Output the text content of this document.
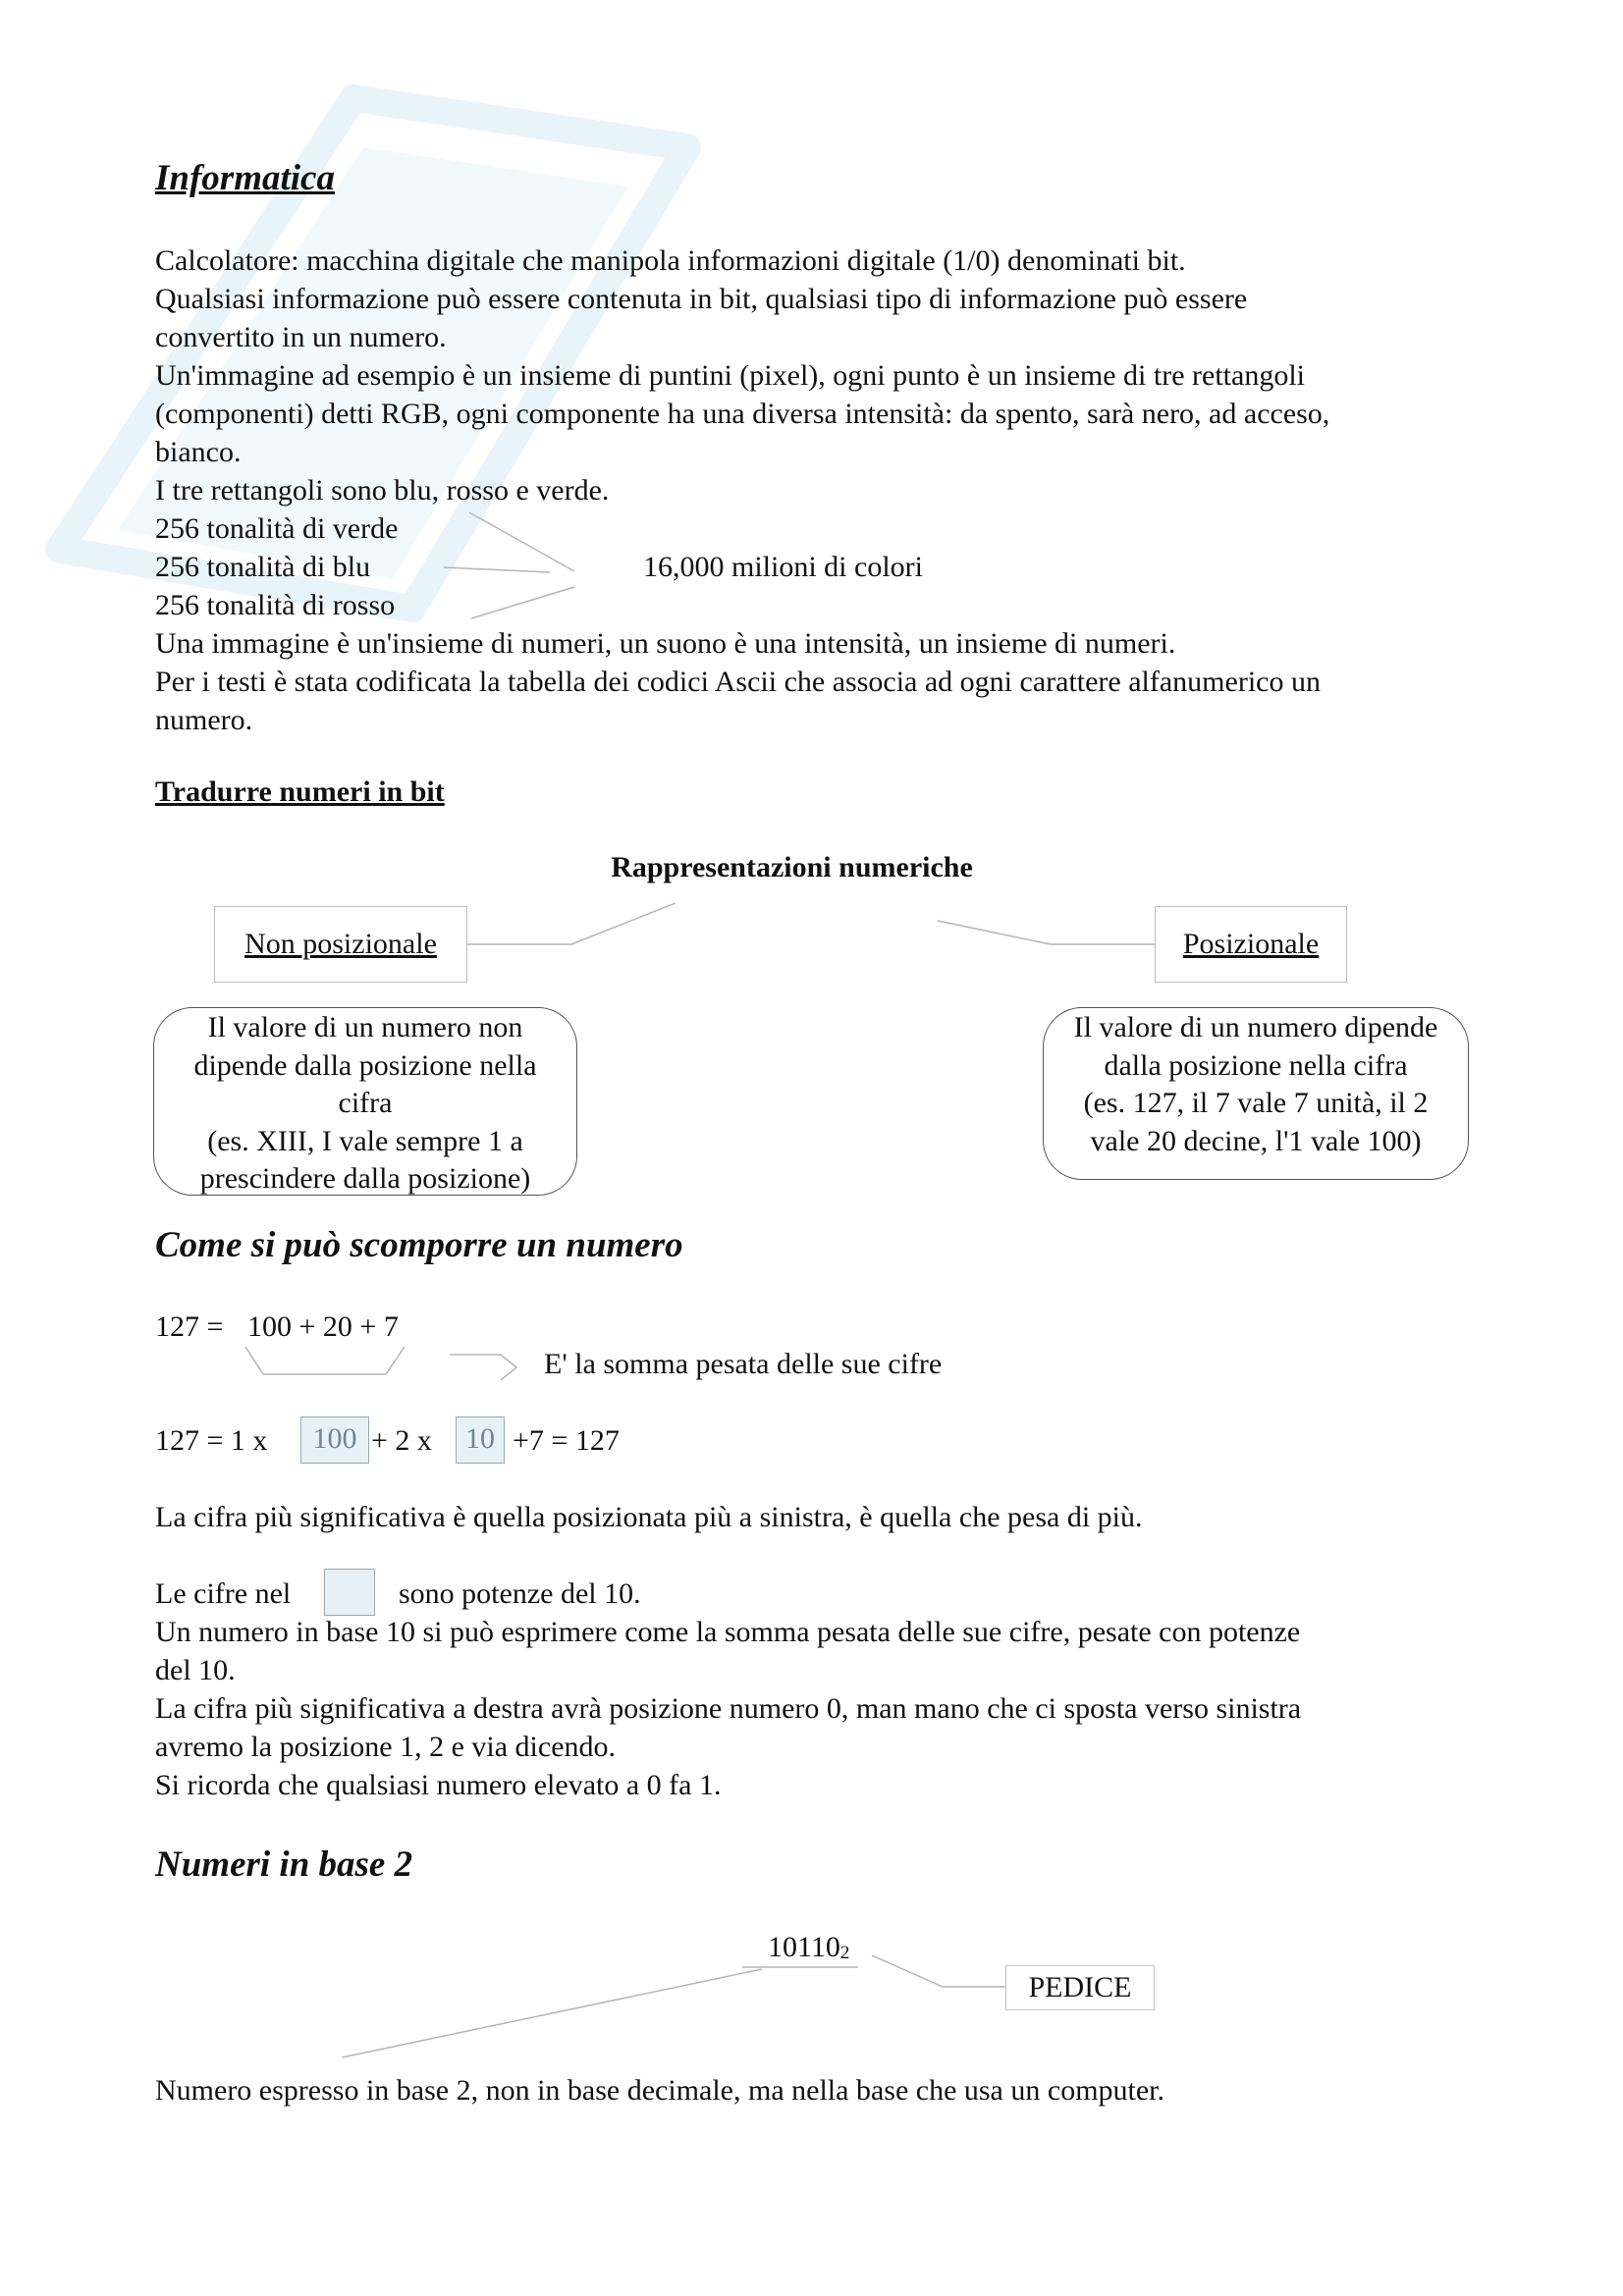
Informatica

Calcolatore: macchina digitale che manipola informazioni digitale (1/0) denominati bit.

Qualsiasi informazione può essere contenuta in bit, qualsiasi tipo di informazione può essere

convertito in un numero.

Un'immagine ad esempio è un insieme di puntini (pixel), ogni punto è un insieme di tre rettangoli

(componenti) detti RGB, ogni componente ha una diversa intensità: da spento, sarà nero, ad acceso,

bianco.

I tre rettangoli sono blu, rosso e verde.

256 tonalità di verde

256 tonalità di blu	16,000 milioni di colori

256 tonalità di rosso

Una immagine è un'insieme di numeri, un suono è una intensità, un insieme di numeri.

Per i testi è stata codificata la tabella dei codici Ascii che associa ad ogni carattere alfanumerico un

numero.

Tradurre numeri in bit
Rappresentazioni numeriche
Non posizionale	Posizionale
Il valore di un numero non
dipende dalla posizione nella
cifra
(es. XIII, I vale sempre 1 a
prescindere dalla posizione)
Il valore di un numero dipende
dalla posizione nella cifra
(es. 127, il 7 vale 7 unità, il 2
vale 20 decine, l'1 vale 100)
Come si può scomporre un numero

127 = 100 + 20 + 7

E' la somma pesata delle sue cifre

127 = 1 x	100 + 2 x	10 +7 = 127

La cifra più significativa è quella posizionata più a sinistra, è quella che pesa di più.

Le cifre nel	sono potenze del 10.

Un numero in base 10 si può esprimere come la somma pesata delle sue cifre, pesate con potenze

del 10.

La cifra più significativa a destra avrà posizione numero 0, man mano che ci sposta verso sinistra

avremo la posizione 1, 2 e via dicendo.

Si ricorda che qualsiasi numero elevato a 0 fa 1.

Numeri in base 2

101102

PEDICE

Numero espresso in base 2, non in base decimale, ma nella base che usa un computer.
